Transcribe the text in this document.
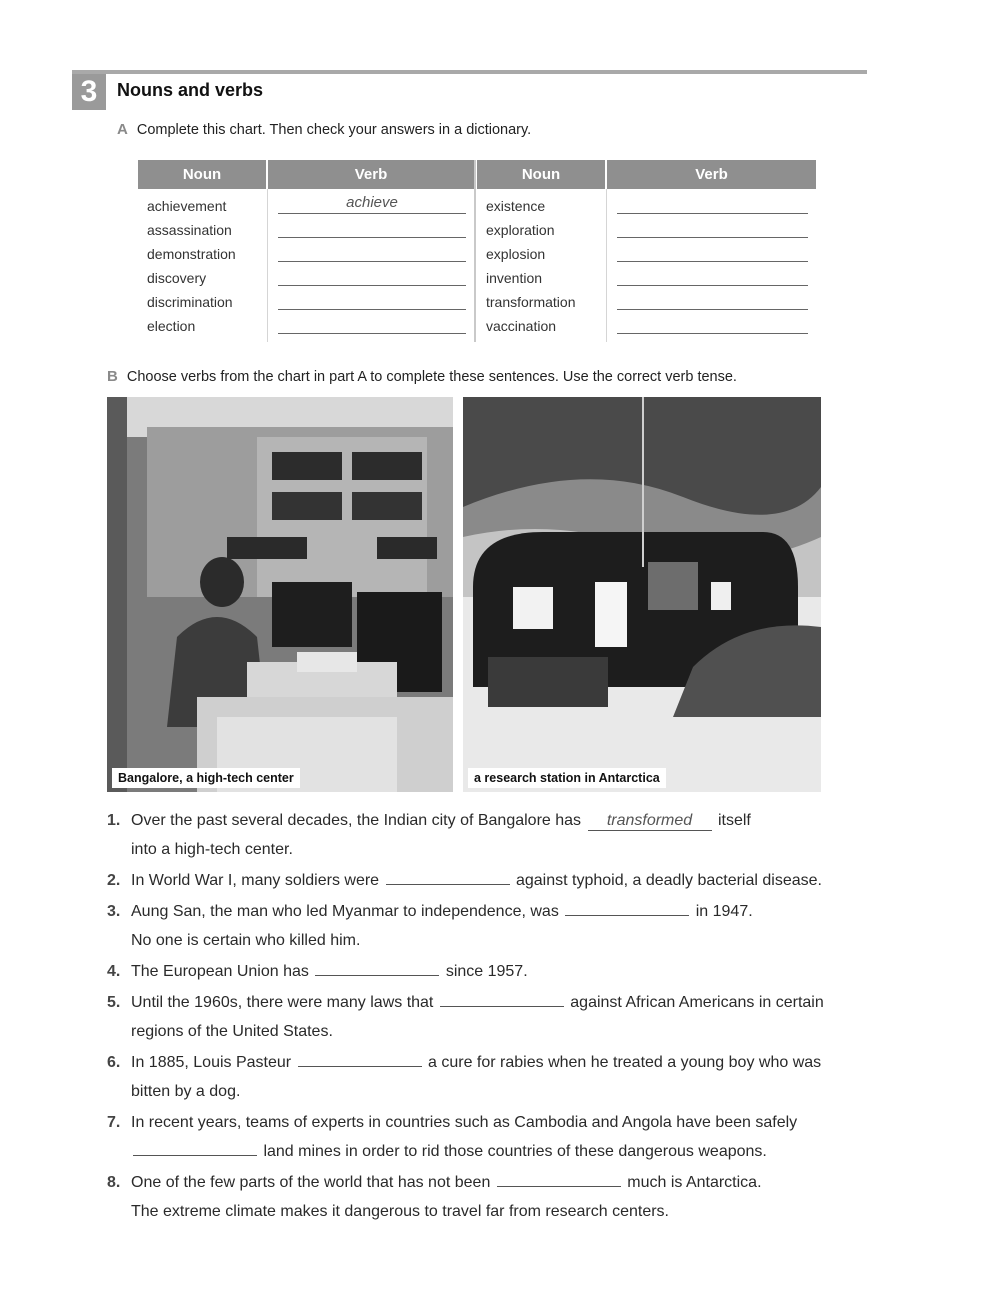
3	Nouns and verbs
A Complete this chart. Then check your answers in a dictionary.
Noun	Verb
achievement	achieve
assassination
demonstration
discovery
discrimination
election
Noun	Verb
existence
exploration
explosion
invention
transformation
vaccination
B Choose verbs from the chart in part A to complete these sentences. Use the correct verb tense.
Bangalore, a high-tech center	a research station in Antarctica
1. Over the past several decades, the Indian city of Bangalore has transformed itself
into a high-tech center.
2. In World War I, many soldiers were	against typhoid, a deadly bacterial disease.
3. Aung San, the man who led Myanmar to independence, was	in 1947.
No one is certain who killed him.
4. The European Union has	since 1957.
5. Until the 1960s, there were many laws that	against African Americans in certain
regions of the United States.
6. In 1885, Louis Pasteur	a cure for rabies when he treated a young boy who was
bitten by a dog.
7. In recent years, teams of experts in countries such as Cambodia and Angola have been safely
land mines in order to rid those countries of these dangerous weapons.
8. One of the few parts of the world that has not been	much is Antarctica.
The extreme climate makes it dangerous to travel far from research centers.
